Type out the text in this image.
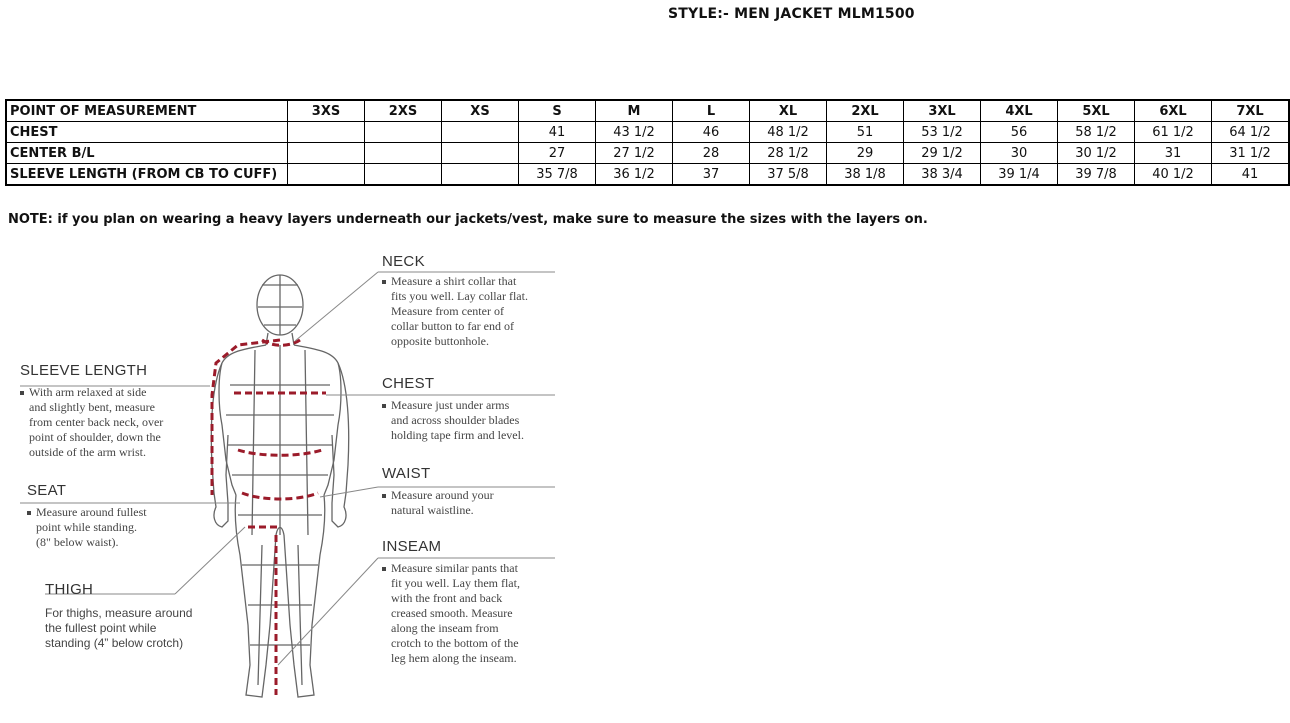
STYLE:- MEN JACKET MLM1500
POINT OF MEASUREMENT	3XS	2XS	XS	S	M	L	XL	2XL	3XL	4XL	5XL	6XL	7XL
CHEST				41	43 1/2	46	48 1/2	51	53 1/2	56	58 1/2	61 1/2	64 1/2
CENTER B/L				27	27 1/2	28	28 1/2	29	29 1/2	30	30 1/2	31	31 1/2
SLEEVE LENGTH (FROM CB TO CUFF)				35 7/8	36 1/2	37	37 5/8	38 1/8	38 3/4	39 1/4	39 7/8	40 1/2	41
NOTE: if you plan on wearing a heavy layers underneath our jackets/vest, make sure to measure the sizes with the layers on.
NECK
Measure a shirt collar that
fits you well. Lay collar flat.
Measure from center of
collar button to far end of
opposite buttonhole.
CHEST
Measure just under arms
and across shoulder blades
holding tape firm and level.
WAIST
Measure around your
natural waistline.
INSEAM
Measure similar pants that
fit you well. Lay them flat,
with the front and back
creased smooth. Measure
along the inseam from
crotch to the bottom of the
leg hem along the inseam.
SLEEVE LENGTH
With arm relaxed at side
and slightly bent, measure
from center back neck, over
point of shoulder, down the
outside of the arm wrist.
SEAT
Measure around fullest
point while standing.
(8" below waist).
THIGH
For thighs, measure around
the fullest point while
standing (4” below crotch)
